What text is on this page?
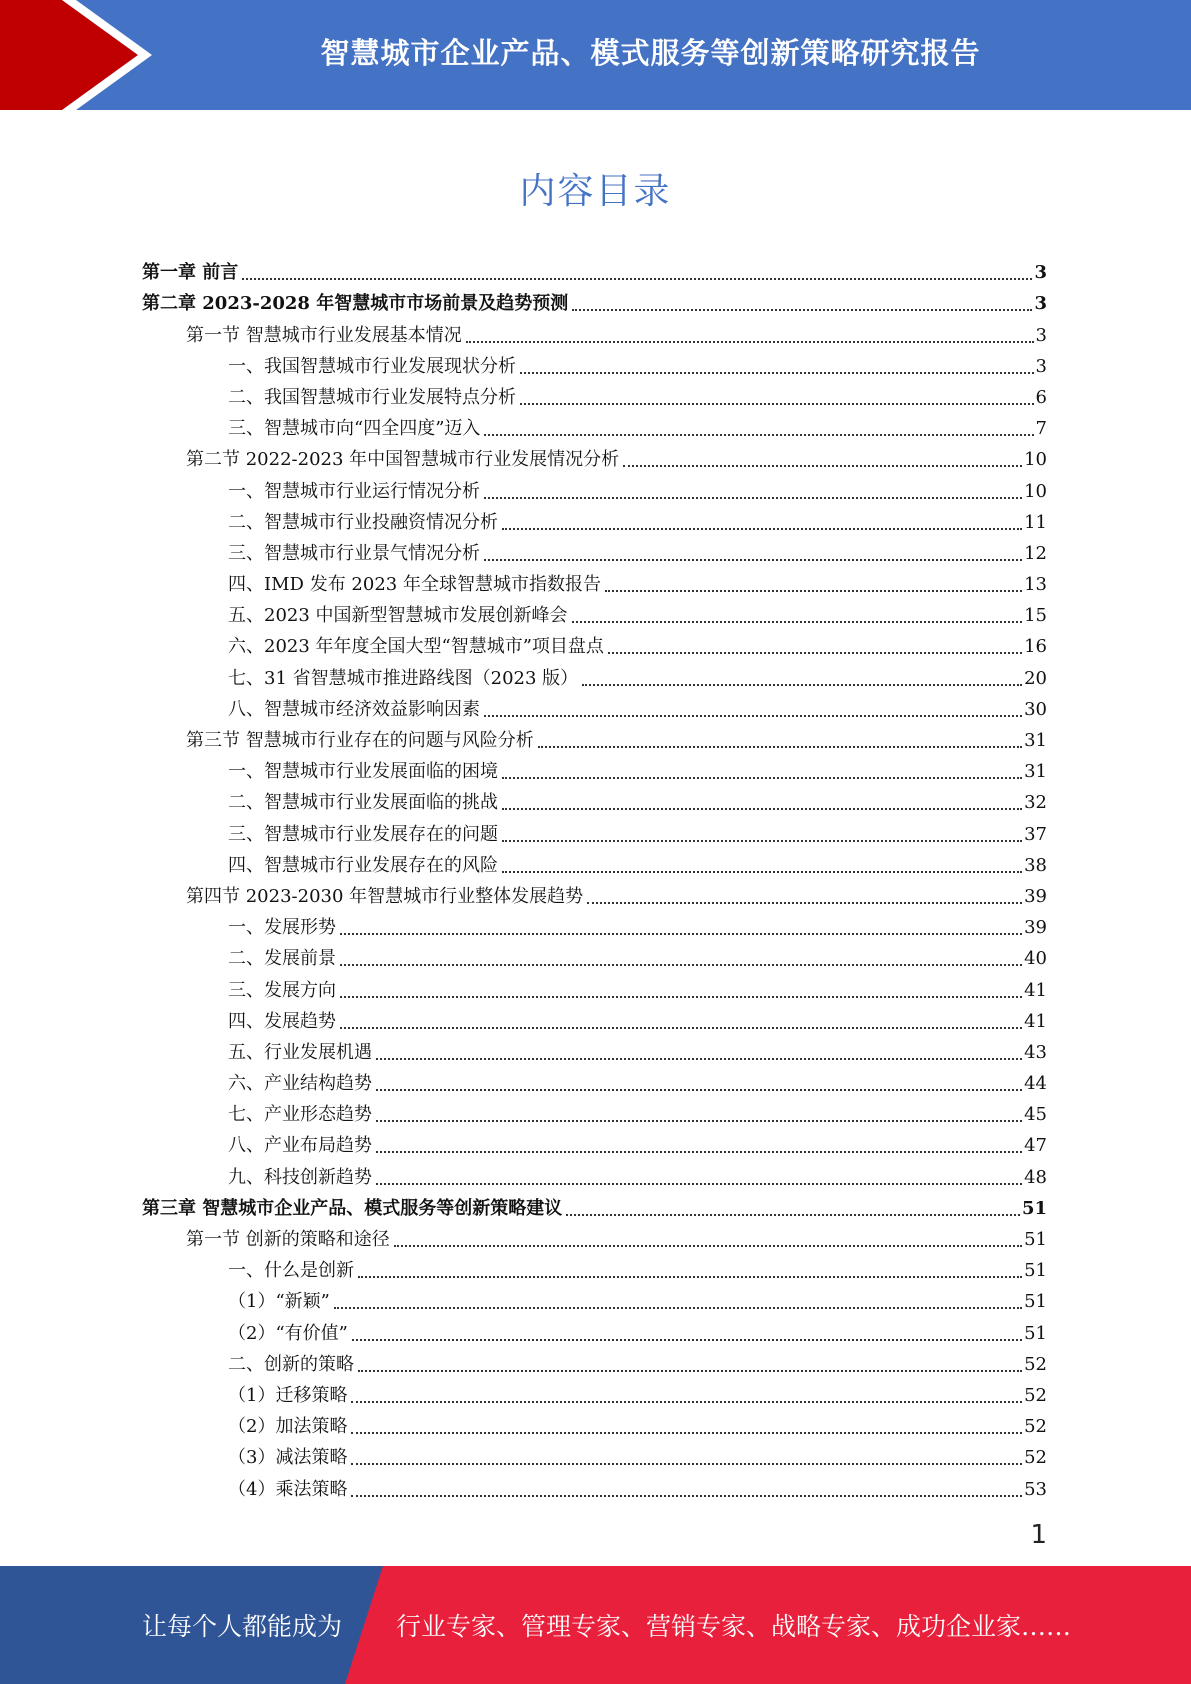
智慧城市企业产品、模式服务等创新策略研究报告
内容目录
第一章 前言	3
第二章 2023-2028 年智慧城市市场前景及趋势预测	3
第一节 智慧城市行业发展基本情况	3
一、我国智慧城市行业发展现状分析	3
二、我国智慧城市行业发展特点分析	6
三、智慧城市向“四全四度”迈入	7
第二节 2022-2023 年中国智慧城市行业发展情况分析	10
一、智慧城市行业运行情况分析	10
二、智慧城市行业投融资情况分析	11
三、智慧城市行业景气情况分析	12
四、IMD 发布 2023 年全球智慧城市指数报告	13
五、2023 中国新型智慧城市发展创新峰会	15
六、2023 年年度全国大型“智慧城市”项目盘点	16
七、31 省智慧城市推进路线图（2023 版）	20
八、智慧城市经济效益影响因素	30
第三节 智慧城市行业存在的问题与风险分析	31
一、智慧城市行业发展面临的困境	31
二、智慧城市行业发展面临的挑战	32
三、智慧城市行业发展存在的问题	37
四、智慧城市行业发展存在的风险	38
第四节 2023-2030 年智慧城市行业整体发展趋势	39
一、发展形势	39
二、发展前景	40
三、发展方向	41
四、发展趋势	41
五、行业发展机遇	43
六、产业结构趋势	44
七、产业形态趋势	45
八、产业布局趋势	47
九、科技创新趋势	48
第三章 智慧城市企业产品、模式服务等创新策略建议	51
第一节 创新的策略和途径	51
一、什么是创新	51
（1）“新颖”	51
（2）“有价值”	51
二、创新的策略	52
（1）迁移策略	52
（2）加法策略	52
（3）减法策略	52
（4）乘法策略	53
1
让每个人都能成为 行业专家、管理专家、营销专家、战略专家、成功企业家……
